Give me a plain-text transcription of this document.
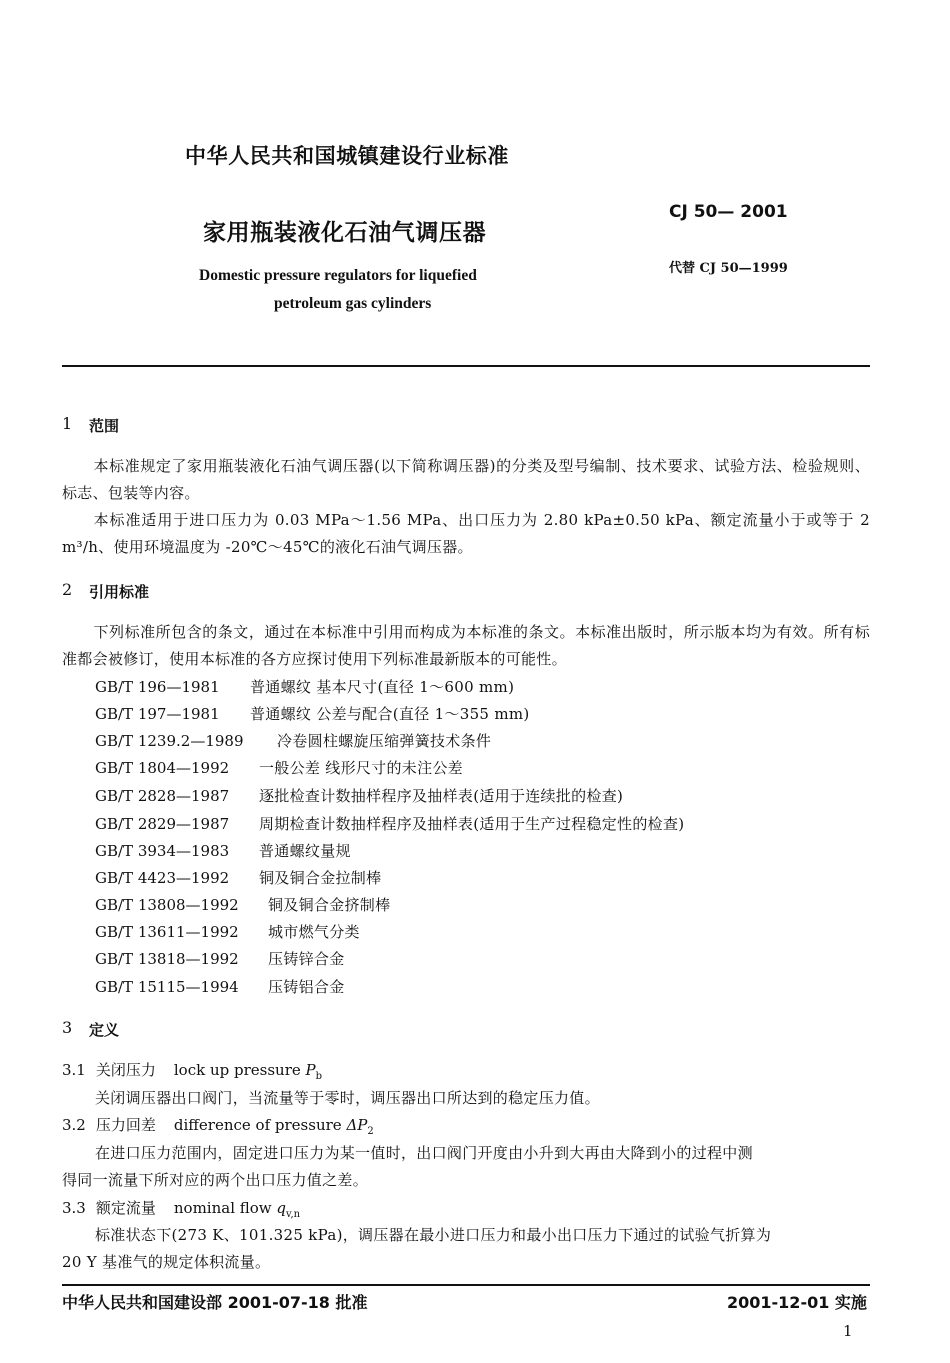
中华人民共和国城镇建设行业标准
家用瓶装液化石油气调压器
Domestic pressure regulators for liquefied
petroleum gas cylinders
CJ 50— 2001
代替 CJ 50—1999
1 范围
本标准规定了家用瓶装液化石油气调压器(以下简称调压器)的分类及型号编制、技术要求、试验方法、检验规则、标志、包装等内容。
本标准适用于进口压力为 0.03 MPa～1.56 MPa、出口压力为 2.80 kPa±0.50 kPa、额定流量小于或等于 2 m³/h、使用环境温度为 -20℃～45℃的液化石油气调压器。
2 引用标准
下列标准所包含的条文，通过在本标准中引用而构成为本标准的条文。本标准出版时，所示版本均为有效。所有标准都会被修订，使用本标准的各方应探讨使用下列标准最新版本的可能性。
GB/T 196—1981 普通螺纹 基本尺寸(直径 1～600 mm)
GB/T 197—1981 普通螺纹 公差与配合(直径 1～355 mm)
GB/T 1239.2—1989 冷卷圆柱螺旋压缩弹簧技术条件
GB/T 1804—1992 一般公差 线形尺寸的未注公差
GB/T 2828—1987 逐批检查计数抽样程序及抽样表(适用于连续批的检查)
GB/T 2829—1987 周期检查计数抽样程序及抽样表(适用于生产过程稳定性的检查)
GB/T 3934—1983 普通螺纹量规
GB/T 4423—1992 铜及铜合金拉制棒
GB/T 13808—1992 铜及铜合金挤制棒
GB/T 13611—1992 城市燃气分类
GB/T 13818—1992 压铸锌合金
GB/T 15115—1994 压铸铝合金
3 定义
3.1 关闭压力 lock up pressure $P_b$
关闭调压器出口阀门，当流量等于零时，调压器出口所达到的稳定压力值。
3.2 压力回差 difference of pressure $\Delta P_2$
在进口压力范围内，固定进口压力为某一值时，出口阀门开度由小升到大再由大降到小的过程中测
得同一流量下所对应的两个出口压力值之差。
3.3 额定流量 nominal flow $q_{v,n}$
标准状态下(273 K、101.325 kPa)，调压器在最小进口压力和最小出口压力下通过的试验气折算为
20 Y 基准气的规定体积流量。
中华人民共和国建设部 2001-07-18 批准	2001-12-01 实施
1
